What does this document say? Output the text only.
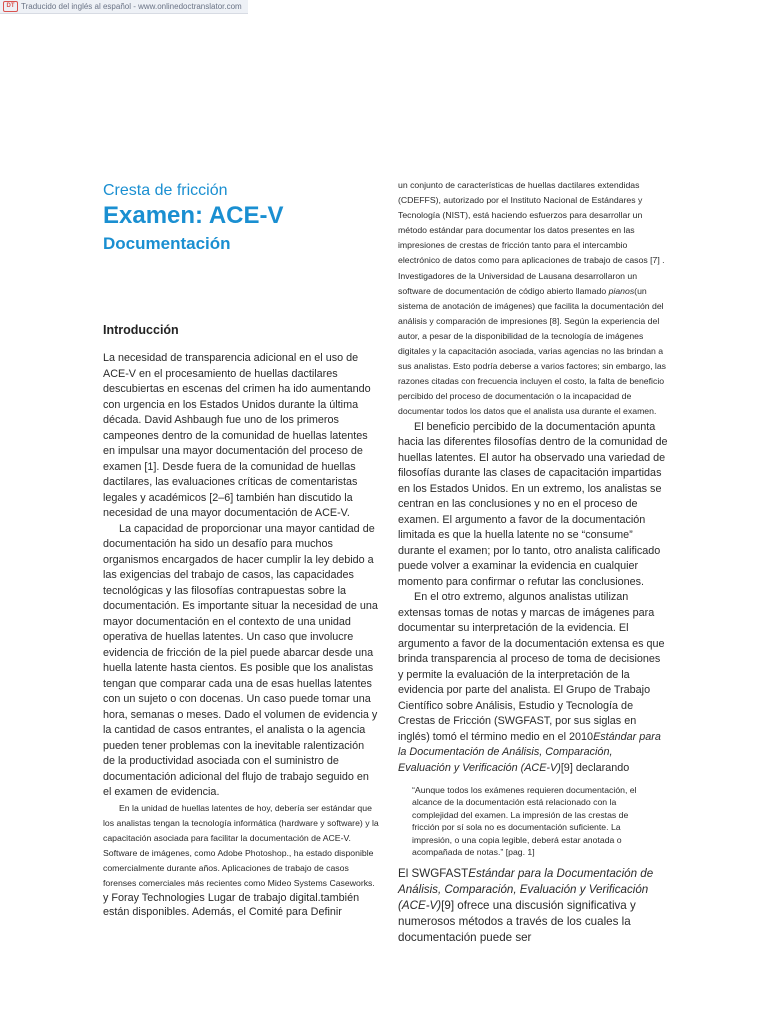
DT Traducido del inglés al español - www.onlinedoctranslator.com
Cresta de fricción
Examen: ACE-V
Documentación
Introducción

La necesidad de transparencia adicional en el uso de ACE-V en el procesamiento de huellas dactilares descubiertas en escenas del crimen ha ido aumentando con urgencia en los Estados Unidos durante la última década. David Ashbaugh fue uno de los primeros campeones dentro de la comunidad de huellas latentes en impulsar una mayor documentación del proceso de examen [1]. Desde fuera de la comunidad de huellas dactilares, las evaluaciones críticas de comentaristas legales y académicos [2–6] también han discutido la necesidad de una mayor documentación de ACE-V.

La capacidad de proporcionar una mayor cantidad de documentación ha sido un desafío para muchos organismos encargados de hacer cumplir la ley debido a las exigencias del trabajo de casos, las capacidades tecnológicas y las filosofías contrapuestas sobre la documentación. Es importante situar la necesidad de una mayor documentación en el contexto de una unidad operativa de huellas latentes. Un caso que involucre evidencia de fricción de la piel puede abarcar desde una huella latente hasta cientos. Es posible que los analistas tengan que comparar cada una de esas huellas latentes con un sujeto o con docenas. Un caso puede tomar una hora, semanas o meses. Dado el volumen de evidencia y la cantidad de casos entrantes, el analista o la agencia pueden tener problemas con la inevitable ralentización de la productividad asociada con el suministro de documentación adicional del flujo de trabajo seguido en el examen de evidencia.

En la unidad de huellas latentes de hoy, debería ser estándar que los analistas tengan la tecnología informática (hardware y software) y la capacitación asociada para facilitar la documentación de ACE-V. Software de imágenes, como Adobe Photoshop., ha estado disponible comercialmente durante años. Aplicaciones de trabajo de casos forenses comerciales más recientes como Mideo Systems Caseworks.

y Foray Technologies Lugar de trabajo digital.también están disponibles. Además, el Comité para Definir

un conjunto de características de huellas dactilares extendidas (CDEFFS), autorizado por el Instituto Nacional de Estándares y Tecnología (NIST), está haciendo esfuerzos para desarrollar un método estándar para documentar los datos presentes en las impresiones de crestas de fricción tanto para el intercambio electrónico de datos como para aplicaciones de trabajo de casos [7] . Investigadores de la Universidad de Lausana desarrollaron un software de documentación de código abierto llamado pianos(un sistema de anotación de imágenes) que facilita la documentación del análisis y comparación de impresiones [8]. Según la experiencia del autor, a pesar de la disponibilidad de la tecnología de imágenes digitales y la capacitación asociada, varias agencias no las brindan a sus analistas. Esto podría deberse a varios factores; sin embargo, las razones citadas con frecuencia incluyen el costo, la falta de beneficio percibido del proceso de documentación o la incapacidad de documentar todos los datos que el analista usa durante el examen.

El beneficio percibido de la documentación apunta hacia las diferentes filosofías dentro de la comunidad de huellas latentes. El autor ha observado una variedad de filosofías durante las clases de capacitación impartidas en los Estados Unidos. En un extremo, los analistas se centran en las conclusiones y no en el proceso de examen. El argumento a favor de la documentación limitada es que la huella latente no se “consume” durante el examen; por lo tanto, otro analista calificado puede volver a examinar la evidencia en cualquier momento para confirmar o refutar las conclusiones.

En el otro extremo, algunos analistas utilizan extensas tomas de notas y marcas de imágenes para documentar su interpretación de la evidencia. El argumento a favor de la documentación extensa es que brinda transparencia al proceso de toma de decisiones y permite la evaluación de la interpretación de la evidencia por parte del analista. El Grupo de Trabajo Científico sobre Análisis, Estudio y Tecnología de Crestas de Fricción (SWGFAST, por sus siglas en inglés) tomó el término medio en el 2010Estándar para la Documentación de Análisis, Comparación, Evaluación y Verificación (ACE-V)[9] declarando

“Aunque todos los exámenes requieren documentación, el alcance de la documentación está relacionado con la complejidad del examen. La impresión de las crestas de fricción por sí sola no es documentación suficiente. La impresión, o una copia legible, deberá estar anotada o acompañada de notas.” [pag. 1]

El SWGFASTEstándar para la Documentación de Análisis, Comparación, Evaluación y Verificación (ACE-V)[9] ofrece una discusión significativa y numerosos métodos a través de los cuales la documentación puede ser
